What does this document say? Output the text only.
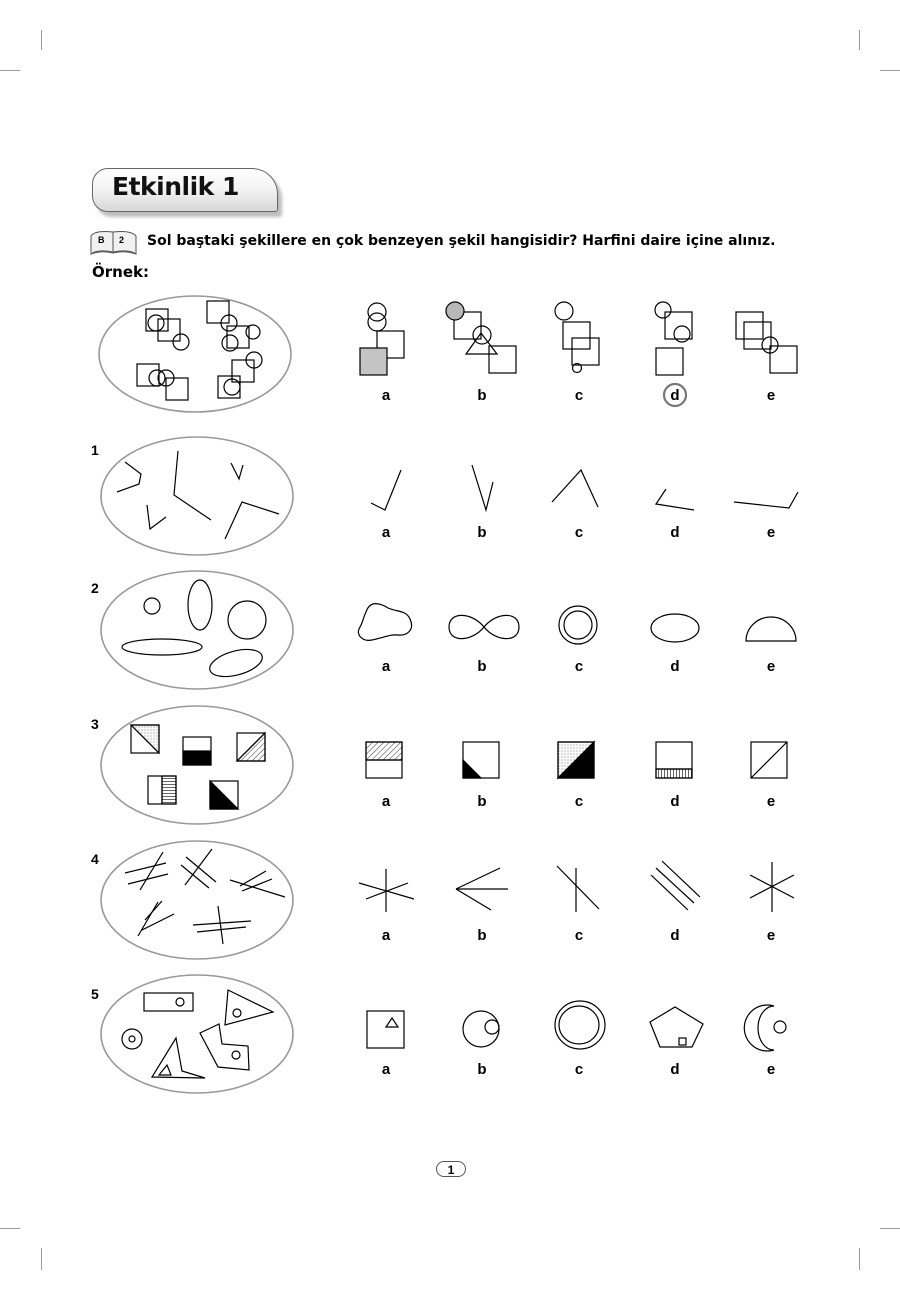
Etkinlik 1
B 2 Sol baştaki şekillere en çok benzeyen şekil hangisidir? Harfini daire içine alınız.
Örnek:
1
2
3
4
5
a	b	c	d	e
a	b	c	d	e
a	b	c	d	e
a	b	c	d	e
a	b	c	d	e
a	b	c	d	e
1
